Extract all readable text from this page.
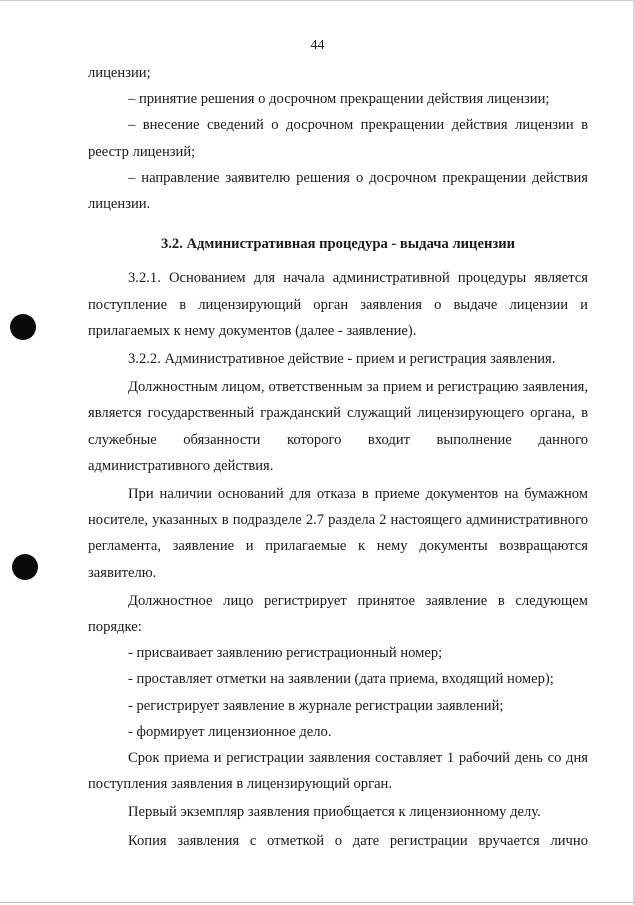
44

лицензии;

– принятие решения о досрочном прекращении действия лицензии;

– внесение сведений о досрочном прекращении действия лицензии в

реестр лицензий;

– направление заявителю решения о досрочном прекращении действия

лицензии.

3.2. Административная процедура - выдача лицензии

3.2.1. Основанием для начала административной процедуры является поступление в лицензирующий орган заявления о выдаче лицензии и прилагаемых к нему документов (далее - заявление).

3.2.2. Административное действие - прием и регистрация заявления.

Должностным лицом, ответственным за прием и регистрацию заявления, является государственный гражданский служащий лицензирующего органа, в служебные обязанности которого входит выполнение данного административного действия.

При наличии оснований для отказа в приеме документов на бумажном носителе, указанных в подразделе 2.7 раздела 2 настоящего административного регламента, заявление и прилагаемые к нему документы возвращаются заявителю.

Должностное лицо регистрирует принятое заявление в следующем порядке:

- присваивает заявлению регистрационный номер;

- проставляет отметки на заявлении (дата приема, входящий номер);

- регистрирует заявление в журнале регистрации заявлений;

- формирует лицензионное дело.

Срок приема и регистрации заявления составляет 1 рабочий день со дня поступления заявления в лицензирующий орган.

Первый экземпляр заявления приобщается к лицензионному делу.

Копия заявления с отметкой о дате регистрации вручается лично
